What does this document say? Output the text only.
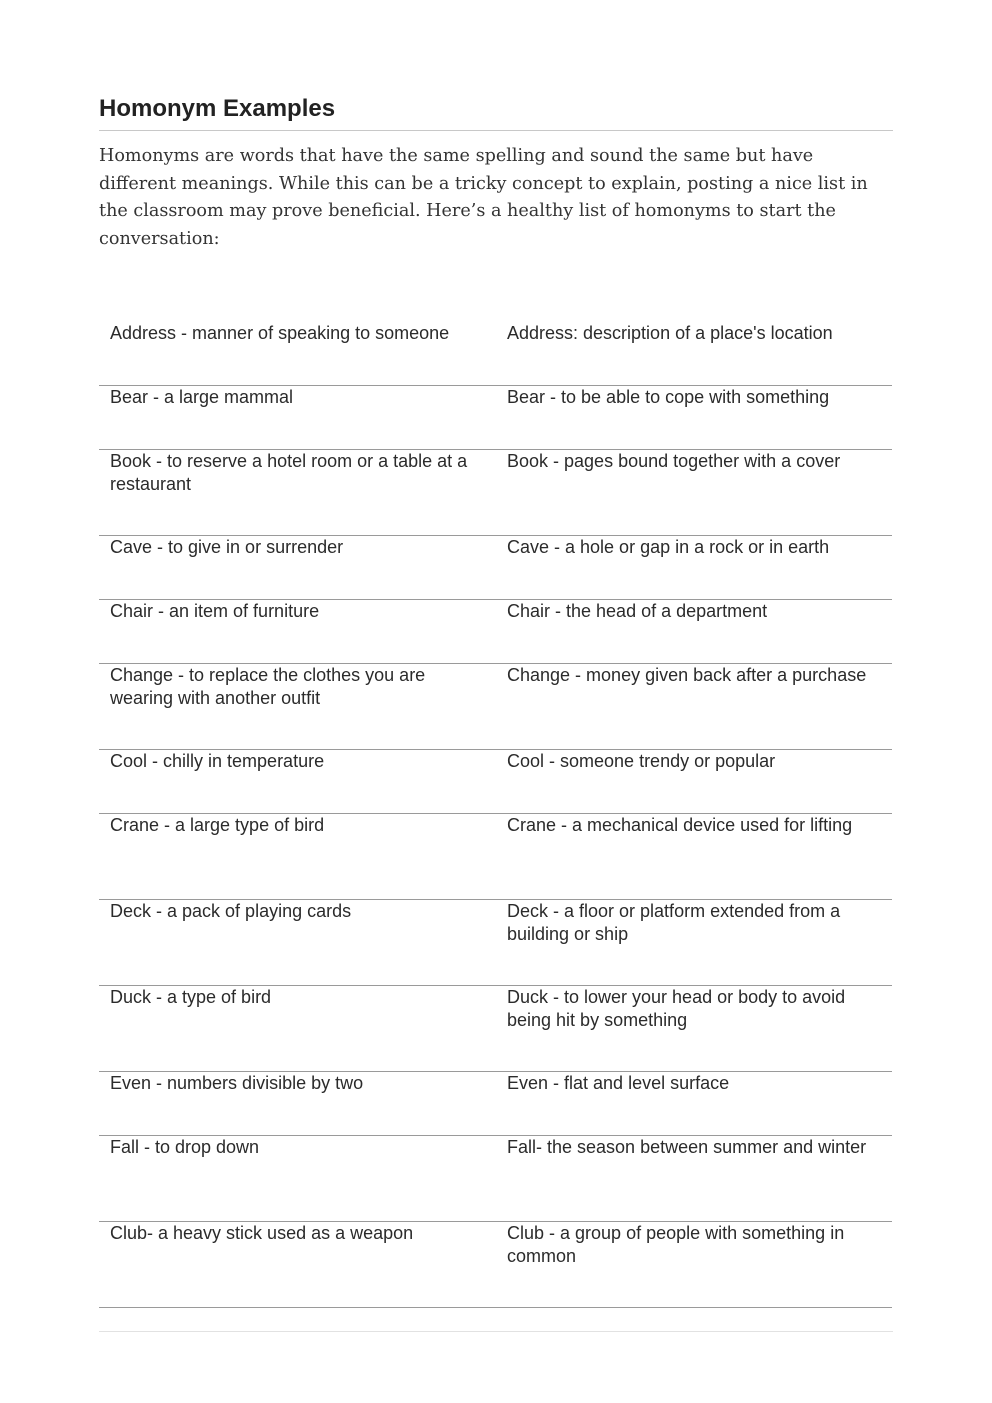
Homonym Examples

Homonyms are words that have the same spelling and sound the same but have different meanings. While this can be a tricky concept to explain, posting a nice list in the classroom may prove beneficial. Here’s a healthy list of homonyms to start the conversation:

Address - manner of speaking to someone	Address: description of a place's location
Bear - a large mammal	Bear - to be able to cope with something
Book - to reserve a hotel room or a table at a restaurant	Book - pages bound together with a cover
Cave - to give in or surrender	Cave - a hole or gap in a rock or in earth
Chair - an item of furniture	Chair - the head of a department
Change - to replace the clothes you are wearing with another outfit	Change - money given back after a purchase
Cool - chilly in temperature	Cool - someone trendy or popular
Crane - a large type of bird	Crane - a mechanical device used for lifting
Deck - a pack of playing cards	Deck - a floor or platform extended from a building or ship
Duck - a type of bird	Duck - to lower your head or body to avoid being hit by something
Even - numbers divisible by two	Even - flat and level surface
Fall - to drop down	Fall- the season between summer and winter
Club- a heavy stick used as a weapon	Club - a group of people with something in common
